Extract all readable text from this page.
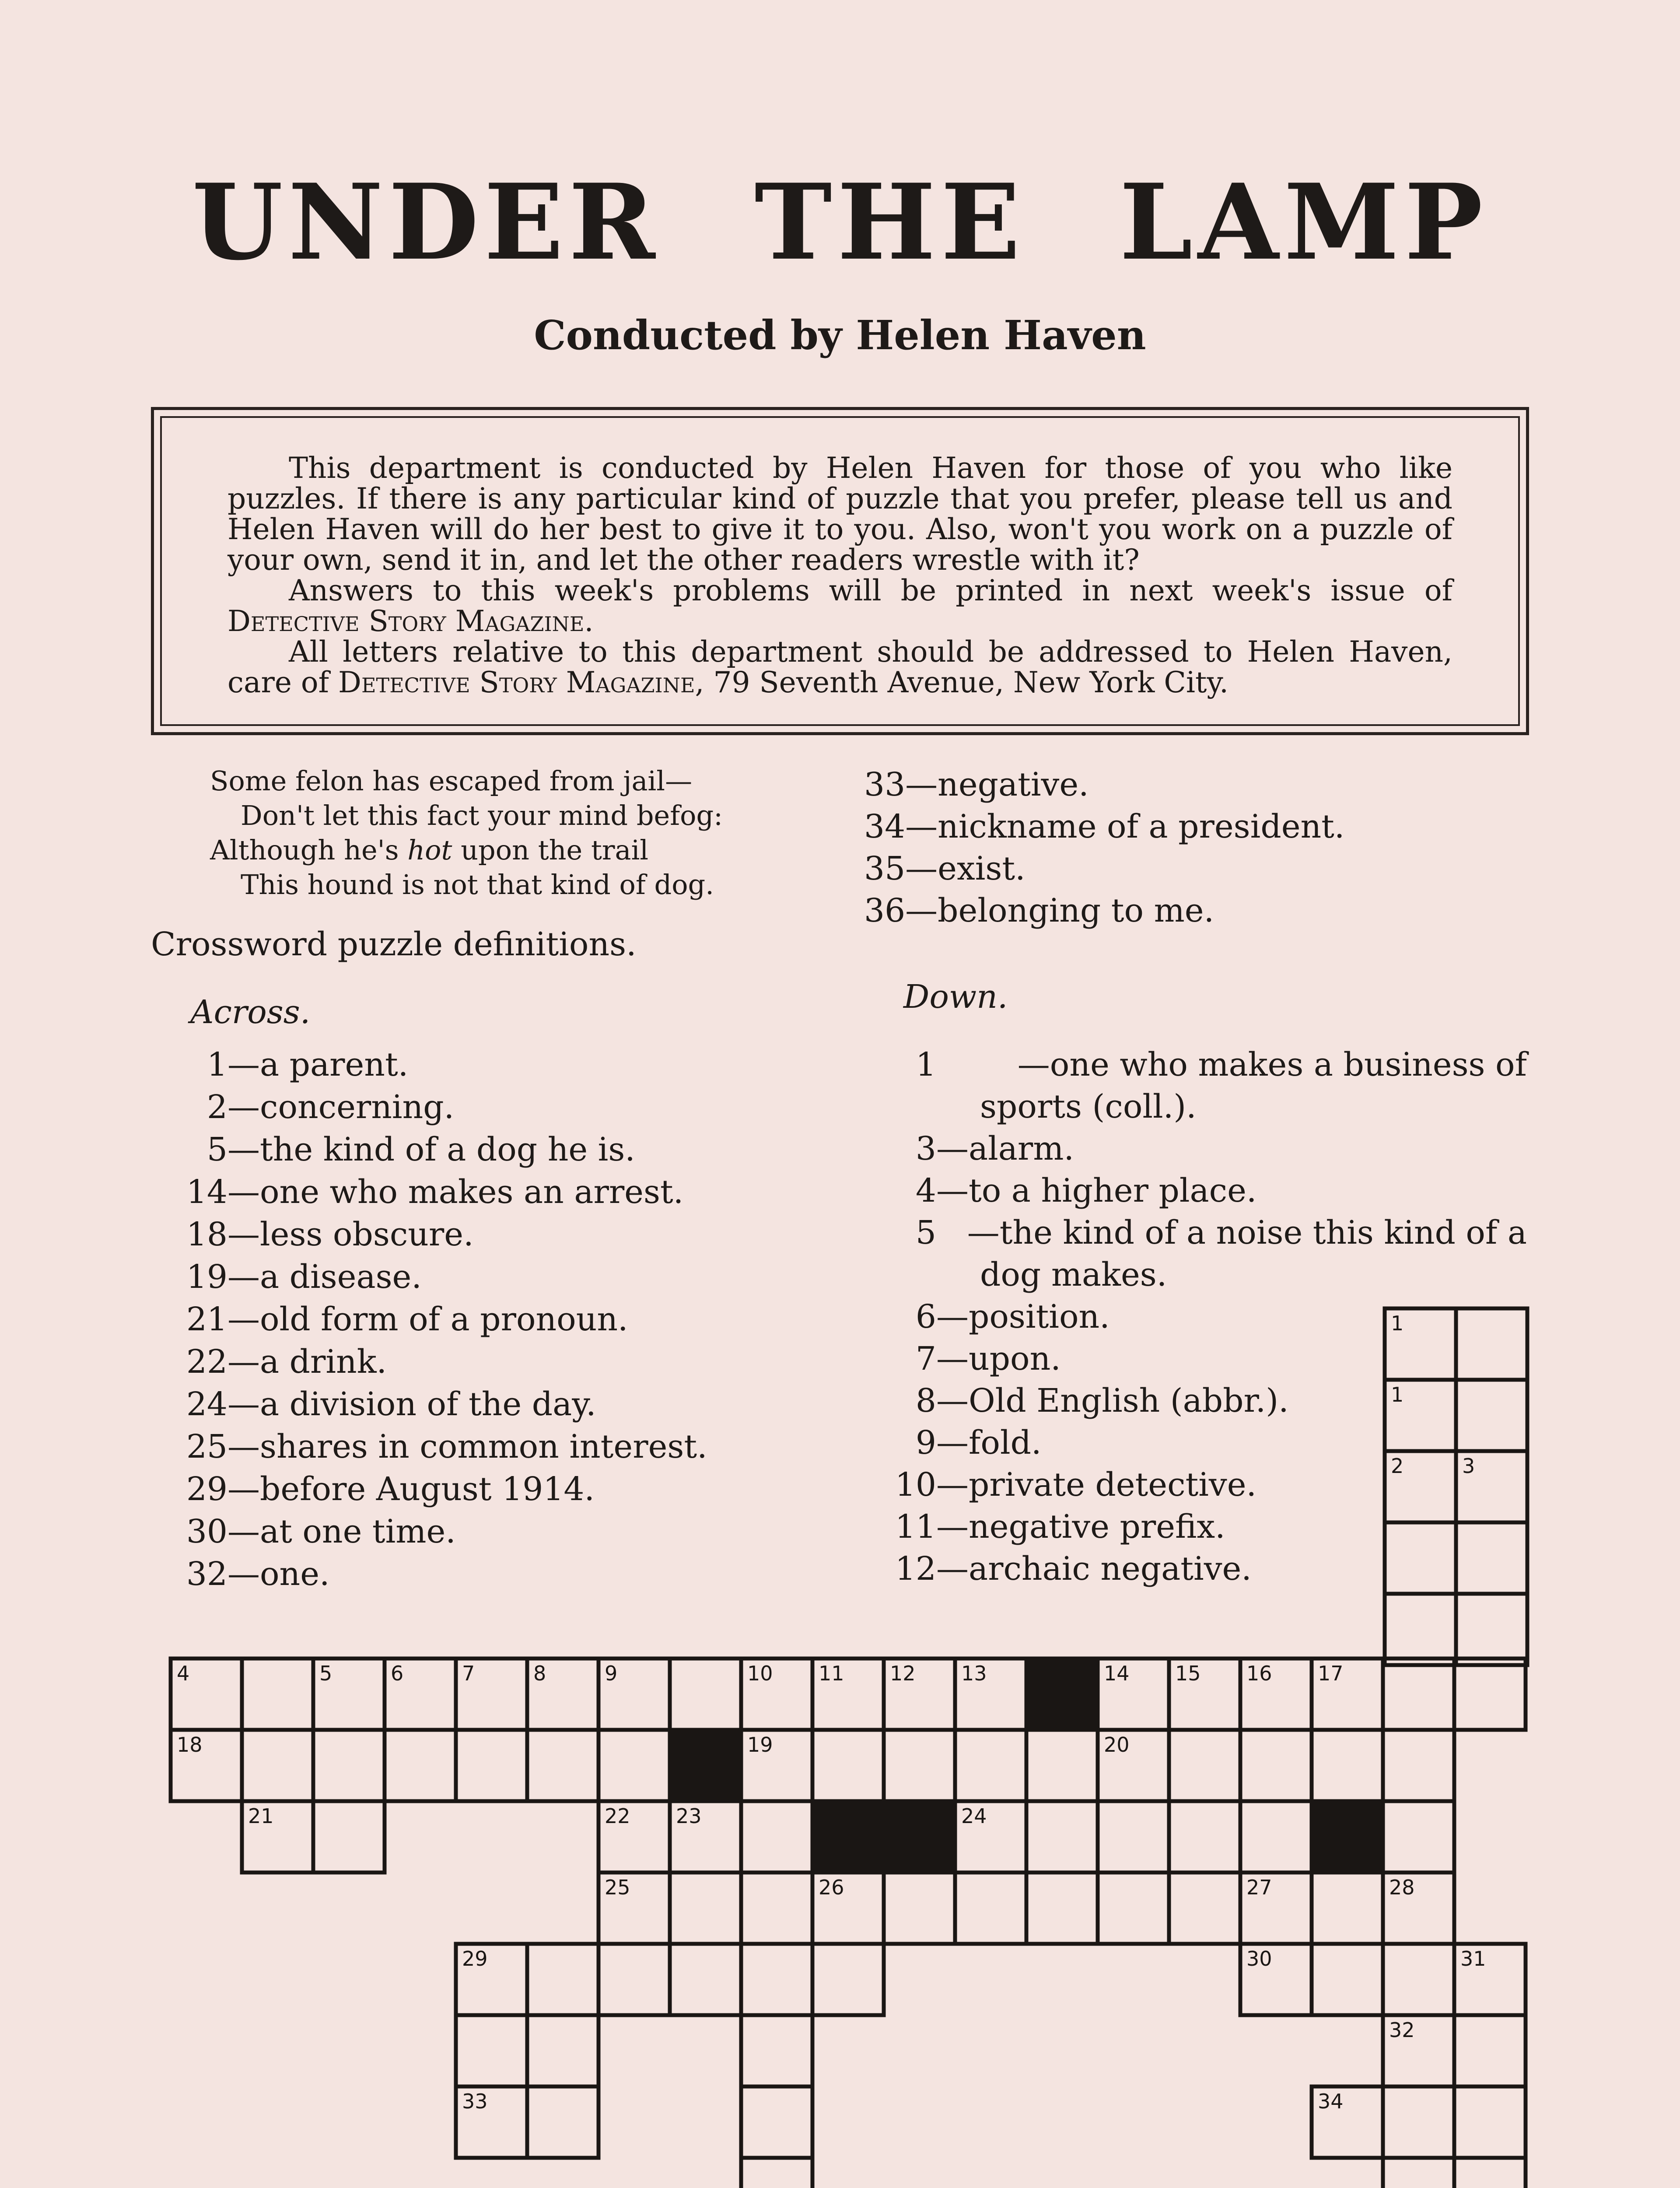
UNDER THE LAMP
Conducted by Helen Haven

This department is conducted by Helen Haven for those of you who like puzzles. If there is any particular kind of puzzle that you prefer, please tell us and Helen Haven will do her best to give it to you. Also, won't you work on a puzzle of your own, send it in, and let the other readers wrestle with it?

Answers to this week's problems will be printed in next week's issue of Detective Story Magazine.

All letters relative to this department should be addressed to Helen Haven, care of Detective Story Magazine, 79 Seventh Avenue, New York City.

Some felon has escaped from jail—
Don't let this fact your mind befog:
Although he's hot upon the trail
This hound is not that kind of dog.
Crossword puzzle definitions.
Across.	Down.
1—a parent.
2—concerning.
5—the kind of a dog he is.
14—one who makes an arrest.
18—less obscure.
19—a disease.
21—old form of a pronoun.
22—a drink.
24—a division of the day.
25—shares in common interest.
29—before August 1914.
30—at one time.
32—one.
33—negative.
34—nickname of a president.
35—exist.
36—belonging to me.
1	—one who makes a business of
sports (coll.).
3—alarm.
4—to a higher place.
5 —the kind of a noise this kind of a
dog makes.
6—position.
7—upon.
8—Old English (abbr.).
9—fold.
10—private detective.
11—negative prefix.
12—archaic negative.
1
1
2	3
4	5	6	7	8	9	10 11 12 13	14 15 16 17
18	19	20
21	22 23	24
25	26	27	28
29	30	31
32
33	34
